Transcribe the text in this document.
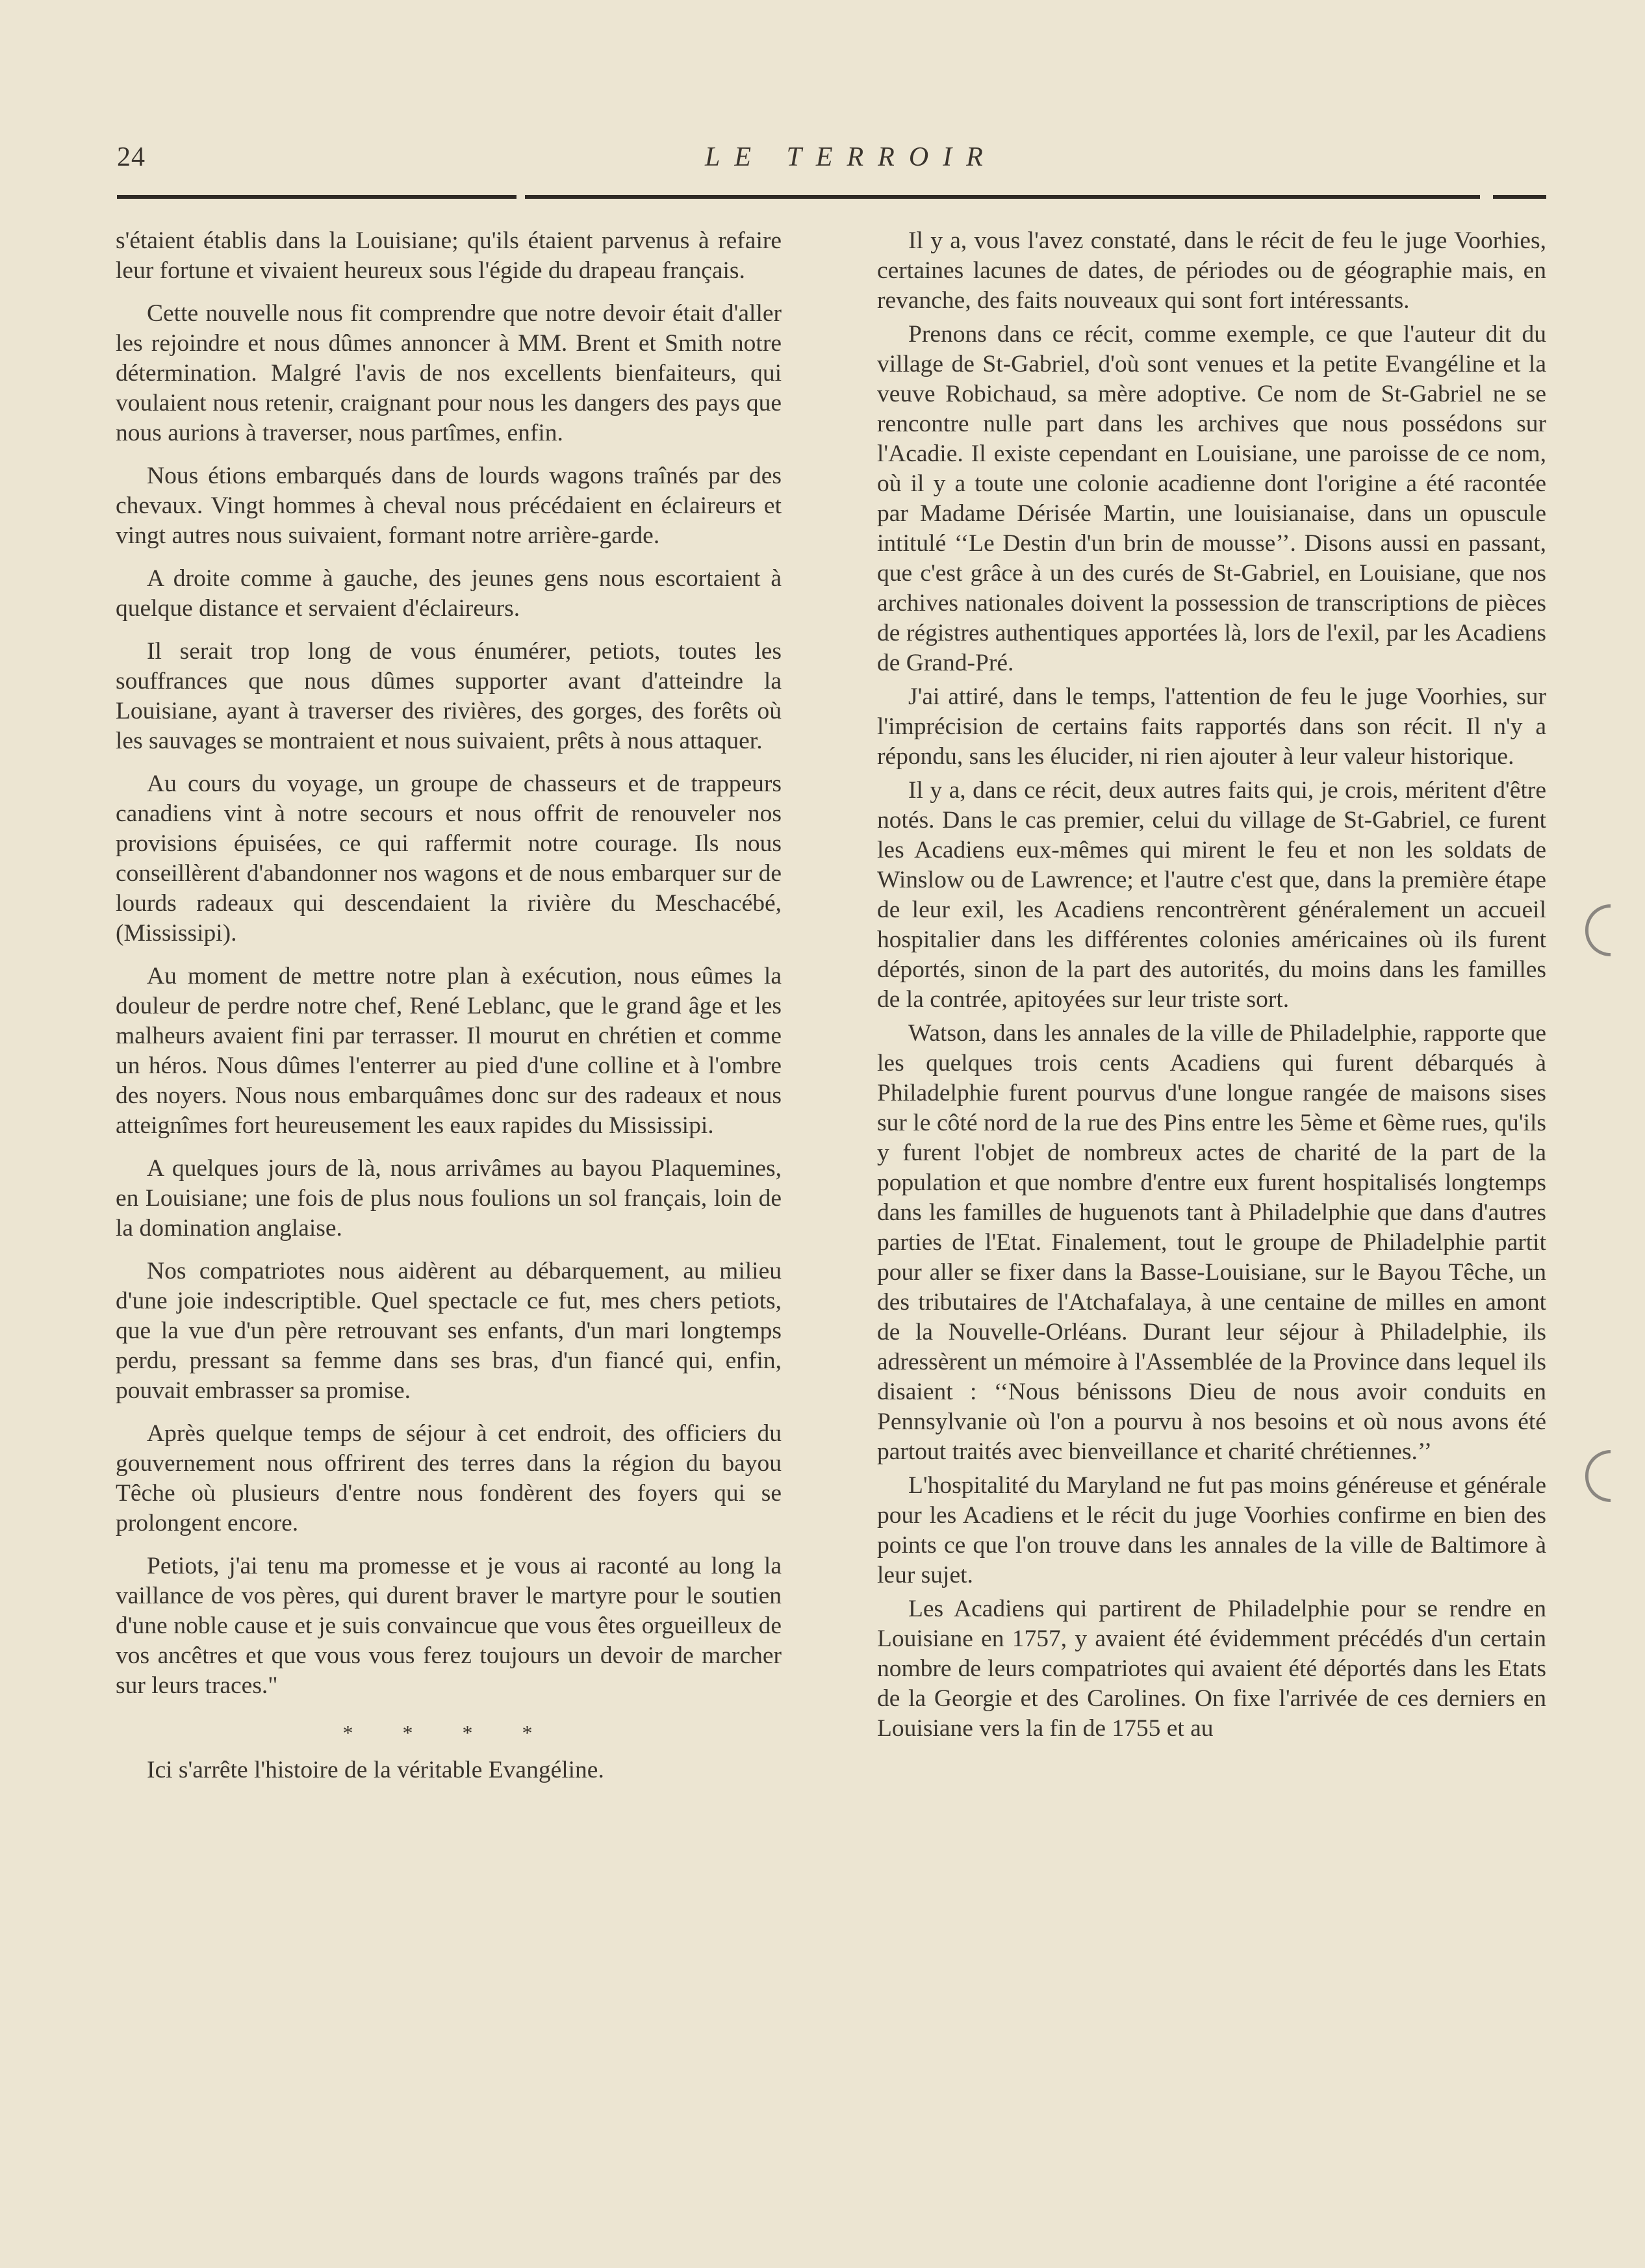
24	LE TERROIR

s'étaient établis dans la Louisiane; qu'ils étaient parvenus à refaire leur fortune et vivaient heureux sous l'égide du drapeau français.

Cette nouvelle nous fit comprendre que notre devoir était d'aller les rejoindre et nous dûmes annoncer à MM. Brent et Smith notre détermination. Malgré l'avis de nos excellents bienfaiteurs, qui voulaient nous retenir, craignant pour nous les dangers des pays que nous aurions à traverser, nous partîmes, enfin.

Nous étions embarqués dans de lourds wagons traînés par des chevaux. Vingt hommes à cheval nous précédaient en éclaireurs et vingt autres nous suivaient, formant notre arrière-garde.

A droite comme à gauche, des jeunes gens nous escortaient à quelque distance et servaient d'éclaireurs.

Il serait trop long de vous énumérer, petiots, toutes les souffrances que nous dûmes supporter avant d'atteindre la Louisiane, ayant à traverser des rivières, des gorges, des forêts où les sauvages se montraient et nous suivaient, prêts à nous attaquer.

Au cours du voyage, un groupe de chasseurs et de trappeurs canadiens vint à notre secours et nous offrit de renouveler nos provisions épuisées, ce qui raffermit notre courage. Ils nous conseillèrent d'abandonner nos wagons et de nous embarquer sur de lourds radeaux qui descendaient la rivière du Meschacébé, (Mississipi).

Au moment de mettre notre plan à exécution, nous eûmes la douleur de perdre notre chef, René Leblanc, que le grand âge et les malheurs avaient fini par terrasser. Il mourut en chrétien et comme un héros. Nous dûmes l'enterrer au pied d'une colline et à l'ombre des noyers. Nous nous embarquâmes donc sur des radeaux et nous atteignîmes fort heureusement les eaux rapides du Mississipi.

A quelques jours de là, nous arrivâmes au bayou Plaquemines, en Louisiane; une fois de plus nous foulions un sol français, loin de la domination anglaise.

Nos compatriotes nous aidèrent au débarquement, au milieu d'une joie indescriptible. Quel spectacle ce fut, mes chers petiots, que la vue d'un père retrouvant ses enfants, d'un mari longtemps perdu, pressant sa femme dans ses bras, d'un fiancé qui, enfin, pouvait embrasser sa promise.

Après quelque temps de séjour à cet endroit, des officiers du gouvernement nous offrirent des terres dans la région du bayou Têche où plusieurs d'entre nous fondèrent des foyers qui se prolongent encore.

Petiots, j'ai tenu ma promesse et je vous ai raconté au long la vaillance de vos pères, qui durent braver le martyre pour le soutien d'une noble cause et je suis convaincue que vous êtes orgueilleux de vos ancêtres et que vous vous ferez toujours un devoir de marcher sur leurs traces."

* * * *

Ici s'arrête l'histoire de la véritable Evangéline.

Il y a, vous l'avez constaté, dans le récit de feu le juge Voorhies, certaines lacunes de dates, de périodes ou de géographie mais, en revanche, des faits nouveaux qui sont fort intéressants.

Prenons dans ce récit, comme exemple, ce que l'auteur dit du village de St-Gabriel, d'où sont venues et la petite Evangéline et la veuve Robichaud, sa mère adoptive. Ce nom de St-Gabriel ne se rencontre nulle part dans les archives que nous possédons sur l'Acadie. Il existe cependant en Louisiane, une paroisse de ce nom, où il y a toute une colonie acadienne dont l'origine a été racontée par Madame Dérisée Martin, une louisianaise, dans un opuscule intitulé ‘‘Le Destin d'un brin de mousse’’. Disons aussi en passant, que c'est grâce à un des curés de St-Gabriel, en Louisiane, que nos archives nationales doivent la possession de transcriptions de pièces de régistres authentiques apportées là, lors de l'exil, par les Acadiens de Grand-Pré.

J'ai attiré, dans le temps, l'attention de feu le juge Voorhies, sur l'imprécision de certains faits rapportés dans son récit. Il n'y a répondu, sans les élucider, ni rien ajouter à leur valeur historique.

Il y a, dans ce récit, deux autres faits qui, je crois, méritent d'être notés. Dans le cas premier, celui du village de St-Gabriel, ce furent les Acadiens eux-mêmes qui mirent le feu et non les soldats de Winslow ou de Lawrence; et l'autre c'est que, dans la première étape de leur exil, les Acadiens rencontrèrent généralement un accueil hospitalier dans les différentes colonies américaines où ils furent déportés, sinon de la part des autorités, du moins dans les familles de la contrée, apitoyées sur leur triste sort.

Watson, dans les annales de la ville de Philadelphie, rapporte que les quelques trois cents Acadiens qui furent débarqués à Philadelphie furent pourvus d'une longue rangée de maisons sises sur le côté nord de la rue des Pins entre les 5ème et 6ème rues, qu'ils y furent l'objet de nombreux actes de charité de la part de la population et que nombre d'entre eux furent hospitalisés longtemps dans les familles de huguenots tant à Philadelphie que dans d'autres parties de l'Etat. Finalement, tout le groupe de Philadelphie partit pour aller se fixer dans la Basse-Louisiane, sur le Bayou Têche, un des tributaires de l'Atchafalaya, à une centaine de milles en amont de la Nouvelle-Orléans. Durant leur séjour à Philadelphie, ils adressèrent un mémoire à l'Assemblée de la Province dans lequel ils disaient : ‘‘Nous bénissons Dieu de nous avoir conduits en Pennsylvanie où l'on a pourvu à nos besoins et où nous avons été partout traités avec bienveillance et charité chrétiennes.’’

L'hospitalité du Maryland ne fut pas moins généreuse et générale pour les Acadiens et le récit du juge Voorhies confirme en bien des points ce que l'on trouve dans les annales de la ville de Baltimore à leur sujet.

Les Acadiens qui partirent de Philadelphie pour se rendre en Louisiane en 1757, y avaient été évidemment précédés d'un certain nombre de leurs compatriotes qui avaient été déportés dans les Etats de la Georgie et des Carolines. On fixe l'arrivée de ces derniers en Louisiane vers la fin de 1755 et au
